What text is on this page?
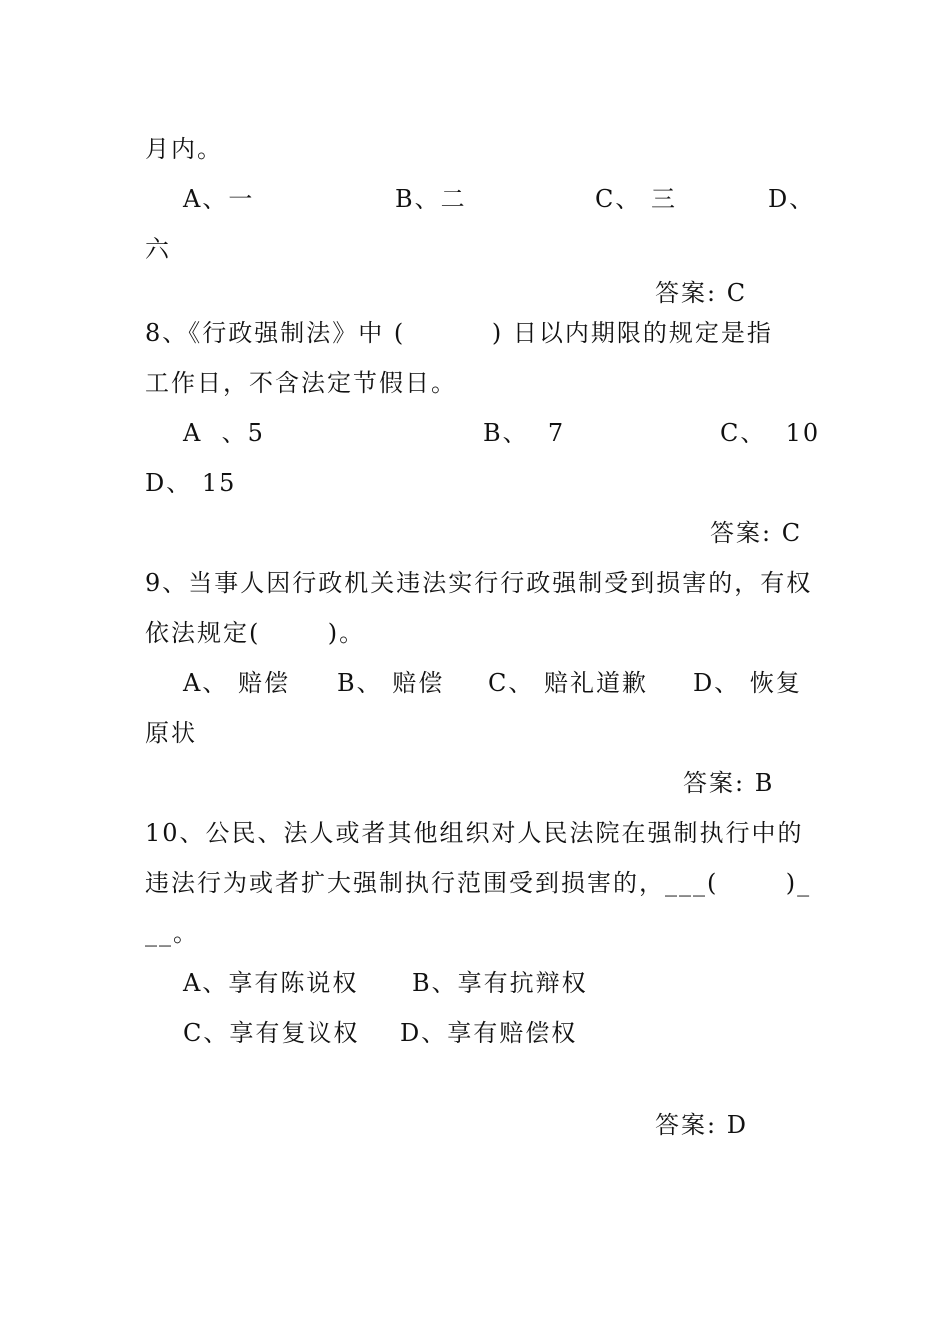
月内。
A、一	B、二	C、 三	D、
六
答案: C
8、《行政强制法》中 (         ) 日以内期限的规定是指
工作日，不含法定节假日。
A  、5	B、  7	C、  10
D、 15
答案: C
9、当事人因行政机关违法实行行政强制受到损害的，有权
依法规定(       )。
A、 赔偿 B、 赔偿 C、 赔礼道歉 D、 恢复
原状
答案: B
10、公民、法人或者其他组织对人民法院在强制执行中的
违法行为或者扩大强制执行范围受到损害的，___(       )_
__。
A、享有陈说权 B、享有抗辩权
C、享有复议权 D、享有赔偿权
答案: D
